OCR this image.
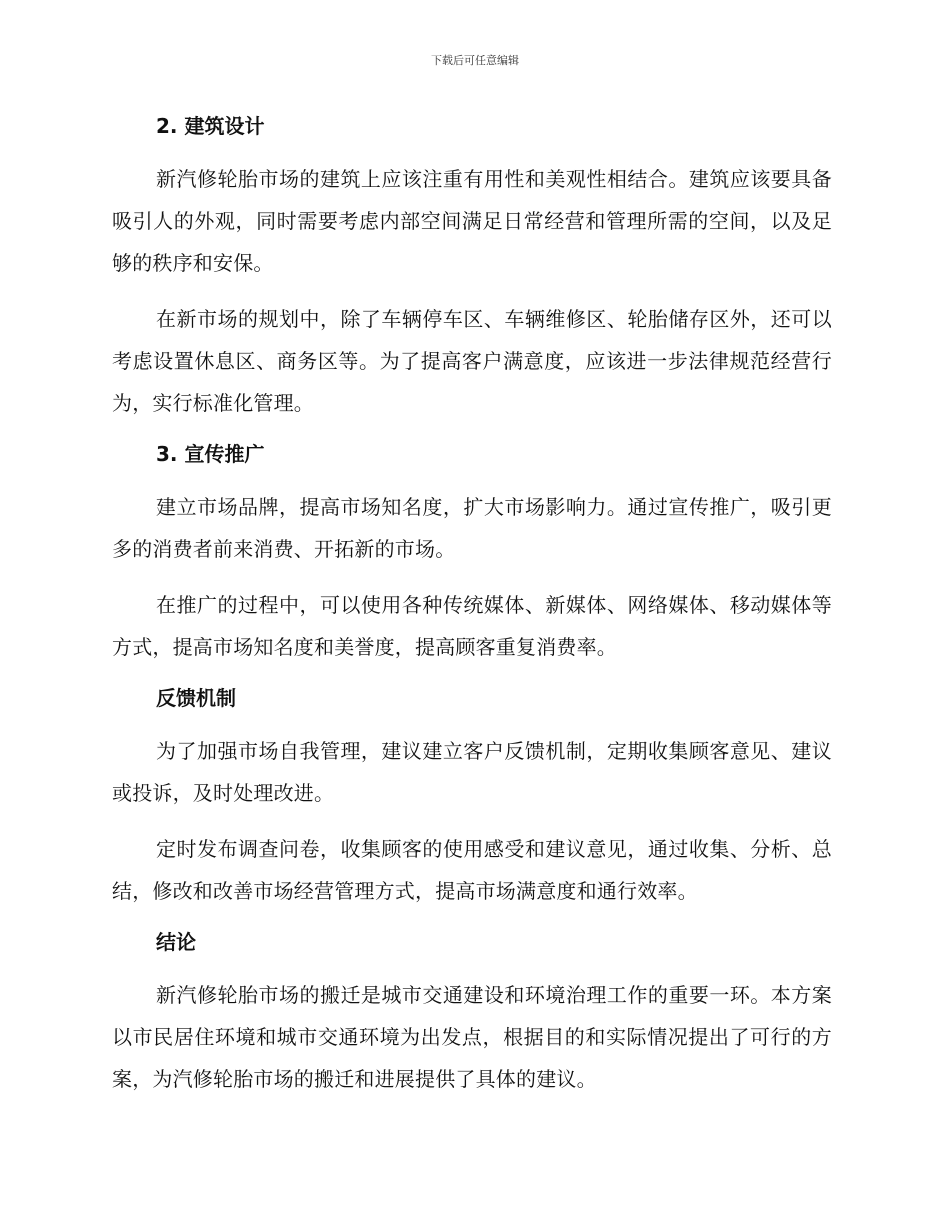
下载后可任意编辑
2. 建筑设计

新汽修轮胎市场的建筑上应该注重有用性和美观性相结合。建筑应该要具备吸引人的外观，同时需要考虑内部空间满足日常经营和管理所需的空间，以及足够的秩序和安保。

在新市场的规划中，除了车辆停车区、车辆维修区、轮胎储存区外，还可以考虑设置休息区、商务区等。为了提高客户满意度，应该进一步法律规范经营行为，实行标准化管理。

3. 宣传推广

建立市场品牌，提高市场知名度，扩大市场影响力。通过宣传推广，吸引更多的消费者前来消费、开拓新的市场。

在推广的过程中，可以使用各种传统媒体、新媒体、网络媒体、移动媒体等方式，提高市场知名度和美誉度，提高顾客重复消费率。

反馈机制

为了加强市场自我管理，建议建立客户反馈机制，定期收集顾客意见、建议或投诉，及时处理改进。

定时发布调查问卷，收集顾客的使用感受和建议意见，通过收集、分析、总结，修改和改善市场经营管理方式，提高市场满意度和通行效率。

结论

新汽修轮胎市场的搬迁是城市交通建设和环境治理工作的重要一环。本方案以市民居住环境和城市交通环境为出发点，根据目的和实际情况提出了可行的方案，为汽修轮胎市场的搬迁和进展提供了具体的建议。
